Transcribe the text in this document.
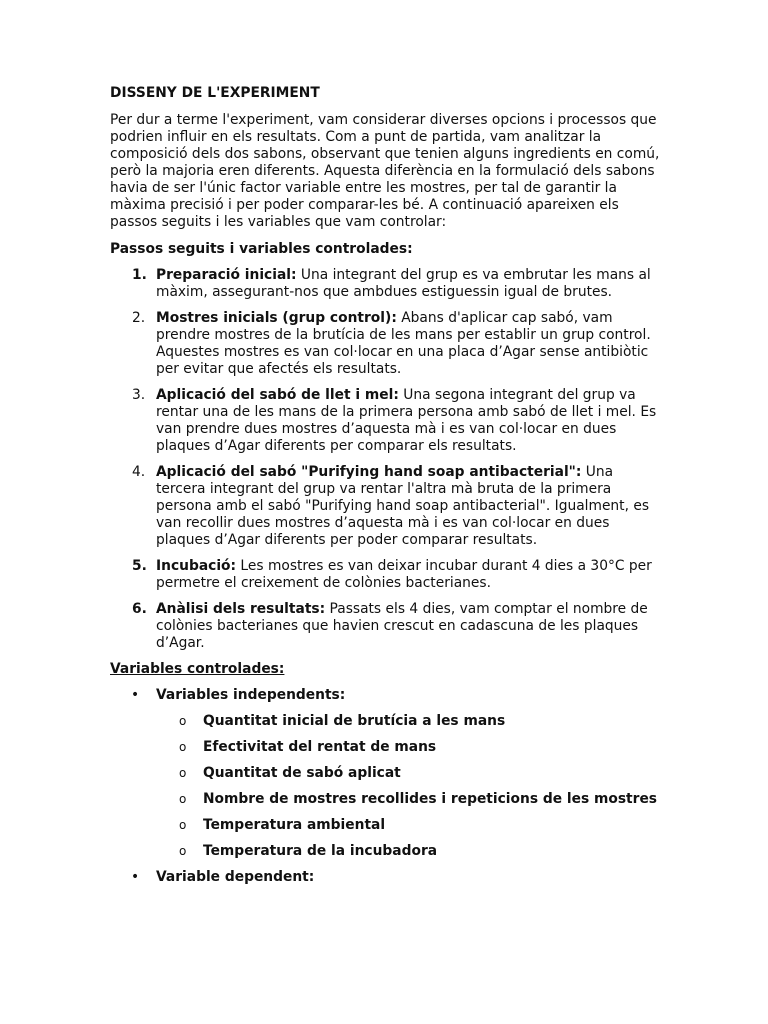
DISSENY DE L'EXPERIMENT

Per dur a terme l'experiment, vam considerar diverses opcions i processos que podrien influir en els resultats. Com a punt de partida, vam analitzar la composició dels dos sabons, observant que tenien alguns ingredients en comú, però la majoria eren diferents. Aquesta diferència en la formulació dels sabons havia de ser l'únic factor variable entre les mostres, per tal de garantir la màxima precisió i per poder comparar-les bé. A continuació apareixen els passos seguits i les variables que vam controlar:

Passos seguits i variables controlades:
1. Preparació inicial: Una integrant del grup es va embrutar les mans al màxim, assegurant-nos que ambdues estiguessin igual de brutes.
2. Mostres inicials (grup control): Abans d'aplicar cap sabó, vam prendre mostres de la brutícia de les mans per establir un grup control. Aquestes mostres es van col·locar en una placa d’Agar sense antibiòtic per evitar que afectés els resultats.
3. Aplicació del sabó de llet i mel: Una segona integrant del grup va rentar una de les mans de la primera persona amb sabó de llet i mel. Es van prendre dues mostres d’aquesta mà i es van col·locar en dues plaques d’Agar diferents per comparar els resultats.
4. Aplicació del sabó "Purifying hand soap antibacterial": Una tercera integrant del grup va rentar l'altra mà bruta de la primera persona amb el sabó "Purifying hand soap antibacterial". Igualment, es van recollir dues mostres d’aquesta mà i es van col·locar en dues plaques d’Agar diferents per poder comparar resultats.
5. Incubació: Les mostres es van deixar incubar durant 4 dies a 30°C per permetre el creixement de colònies bacterianes.
6. Anàlisi dels resultats: Passats els 4 dies, vam comptar el nombre de colònies bacterianes que havien crescut en cadascuna de les plaques d’Agar.
Variables controlades:
• Variables independents:
o Quantitat inicial de brutícia a les mans
o Efectivitat del rentat de mans
o Quantitat de sabó aplicat
o Nombre de mostres recollides i repeticions de les mostres
o Temperatura ambiental
o Temperatura de la incubadora
• Variable dependent:
